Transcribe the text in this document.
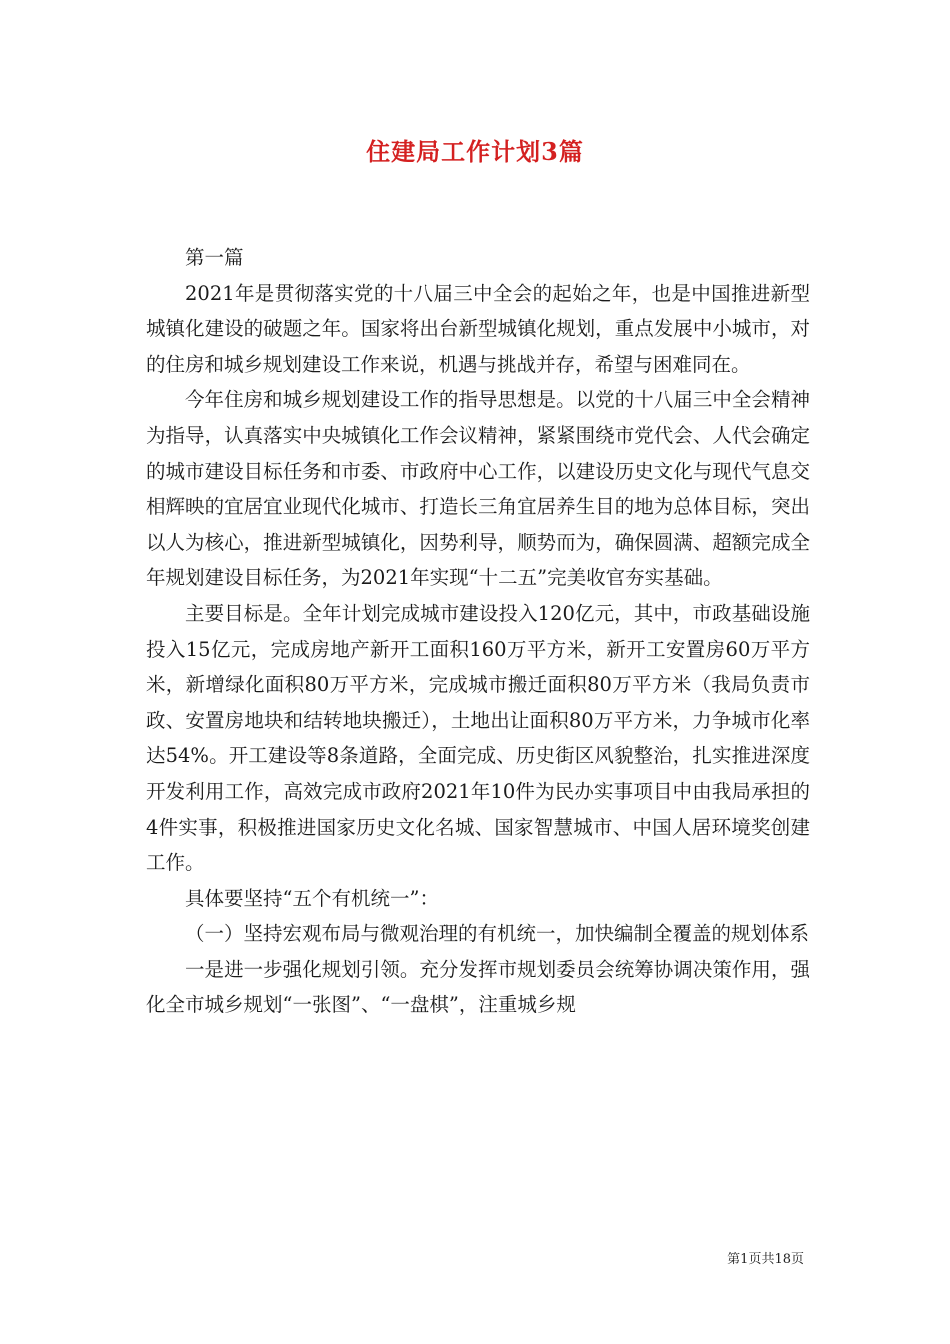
住建局工作计划3篇

第一篇

2021年是贯彻落实党的十八届三中全会的起始之年，也是中国推进新型城镇化建设的破题之年。国家将出台新型城镇化规划，重点发展中小城市，对的住房和城乡规划建设工作来说，机遇与挑战并存，希望与困难同在。

今年住房和城乡规划建设工作的指导思想是。以党的十八届三中全会精神为指导，认真落实中央城镇化工作会议精神，紧紧围绕市党代会、人代会确定的城市建设目标任务和市委、市政府中心工作，以建设历史文化与现代气息交相辉映的宜居宜业现代化城市、打造长三角宜居养生目的地为总体目标，突出以人为核心，推进新型城镇化，因势利导，顺势而为，确保圆满、超额完成全年规划建设目标任务，为2021年实现“十二五”完美收官夯实基础。

主要目标是。全年计划完成城市建设投入120亿元，其中，市政基础设施投入15亿元，完成房地产新开工面积160万平方米，新开工安置房60万平方米，新增绿化面积80万平方米，完成城市搬迁面积80万平方米（我局负责市政、安置房地块和结转地块搬迁），土地出让面积80万平方米，力争城市化率达54%。开工建设等8条道路，全面完成、历史街区风貌整治，扎实推进深度开发利用工作，高效完成市政府2021年10件为民办实事项目中由我局承担的4件实事，积极推进国家历史文化名城、国家智慧城市、中国人居环境奖创建工作。

具体要坚持“五个有机统一”：

（一）坚持宏观布局与微观治理的有机统一，加快编制全覆盖的规划体系

一是进一步强化规划引领。充分发挥市规划委员会统筹协调决策作用，强化全市城乡规划“一张图”、“一盘棋”，注重城乡规

第1页共18页
